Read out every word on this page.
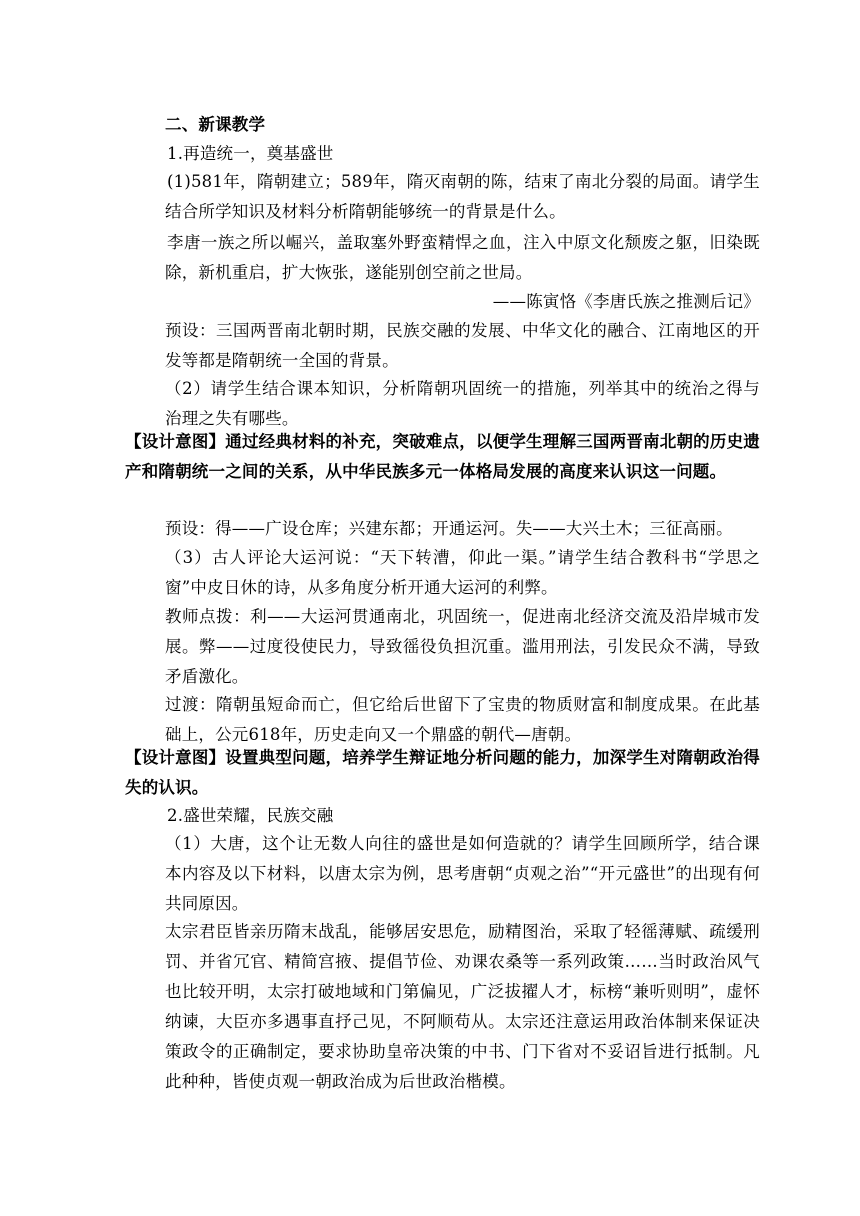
二、新课教学

1.再造统一，奠基盛世

(1)581年，隋朝建立；589年，隋灭南朝的陈，结束了南北分裂的局面。请学生结合所学知识及材料分析隋朝能够统一的背景是什么。

李唐一族之所以崛兴，盖取塞外野蛮精悍之血，注入中原文化颓废之躯，旧染既除，新机重启，扩大恢张，遂能别创空前之世局。

——陈寅恪《李唐氏族之推测后记》

预设：三国两晋南北朝时期，民族交融的发展、中华文化的融合、江南地区的开发等都是隋朝统一全国的背景。

（2）请学生结合课本知识，分析隋朝巩固统一的措施，列举其中的统治之得与治理之失有哪些。

【设计意图】通过经典材料的补充，突破难点，以便学生理解三国两晋南北朝的历史遗产和隋朝统一之间的关系，从中华民族多元一体格局发展的高度来认识这一问题。

预设：得——广设仓库；兴建东都；开通运河。失——大兴土木；三征高丽。

（3）古人评论大运河说：“天下转漕，仰此一渠。”请学生结合教科书“学思之窗”中皮日休的诗，从多角度分析开通大运河的利弊。

教师点拨：利——大运河贯通南北，巩固统一，促进南北经济交流及沿岸城市发展。弊——过度役使民力，导致徭役负担沉重。滥用刑法，引发民众不满，导致矛盾激化。

过渡：隋朝虽短命而亡，但它给后世留下了宝贵的物质财富和制度成果。在此基础上，公元618年，历史走向又一个鼎盛的朝代—唐朝。

【设计意图】设置典型问题，培养学生辩证地分析问题的能力，加深学生对隋朝政治得失的认识。

2.盛世荣耀，民族交融

（1）大唐，这个让无数人向往的盛世是如何造就的？请学生回顾所学，结合课本内容及以下材料，以唐太宗为例，思考唐朝“贞观之治”“开元盛世”的出现有何共同原因。

太宗君臣皆亲历隋末战乱，能够居安思危，励精图治，采取了轻徭薄赋、疏缓刑罚、并省冗官、精简宫掖、提倡节俭、劝课农桑等一系列政策……当时政治风气也比较开明，太宗打破地域和门第偏见，广泛拔擢人才，标榜“兼听则明”，虚怀纳谏，大臣亦多遇事直抒己见，不阿顺苟从。太宗还注意运用政治体制来保证决策政令的正确制定，要求协助皇帝决策的中书、门下省对不妥诏旨进行抵制。凡此种种，皆使贞观一朝政治成为后世政治楷模。
